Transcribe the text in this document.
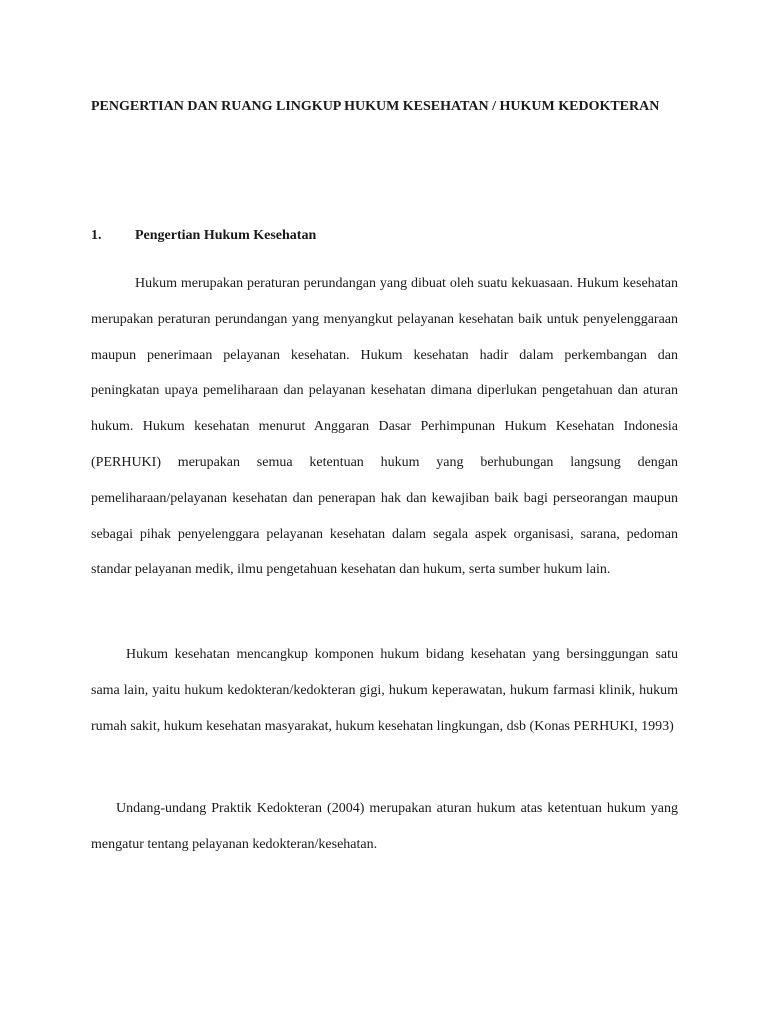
PENGERTIAN DAN RUANG LINGKUP HUKUM KESEHATAN / HUKUM KEDOKTERAN
1. Pengertian Hukum Kesehatan

Hukum merupakan peraturan perundangan yang dibuat oleh suatu kekuasaan. Hukum kesehatan merupakan peraturan perundangan yang menyangkut pelayanan kesehatan baik untuk penyelenggaraan maupun penerimaan pelayanan kesehatan. Hukum kesehatan hadir dalam perkembangan dan peningkatan upaya pemeliharaan dan pelayanan kesehatan dimana diperlukan pengetahuan dan aturan hukum. Hukum kesehatan menurut Anggaran Dasar Perhimpunan Hukum Kesehatan Indonesia (PERHUKI) merupakan semua ketentuan hukum yang berhubungan langsung dengan pemeliharaan/pelayanan kesehatan dan penerapan hak dan kewajiban baik bagi perseorangan maupun sebagai pihak penyelenggara pelayanan kesehatan dalam segala aspek organisasi, sarana, pedoman standar pelayanan medik, ilmu pengetahuan kesehatan dan hukum, serta sumber hukum lain.

Hukum kesehatan mencangkup komponen hukum bidang kesehatan yang bersinggungan satu sama lain, yaitu hukum kedokteran/kedokteran gigi, hukum keperawatan, hukum farmasi klinik, hukum rumah sakit, hukum kesehatan masyarakat, hukum kesehatan lingkungan, dsb (Konas PERHUKI, 1993)

Undang-undang Praktik Kedokteran (2004) merupakan aturan hukum atas ketentuan hukum yang mengatur tentang pelayanan kedokteran/kesehatan.
